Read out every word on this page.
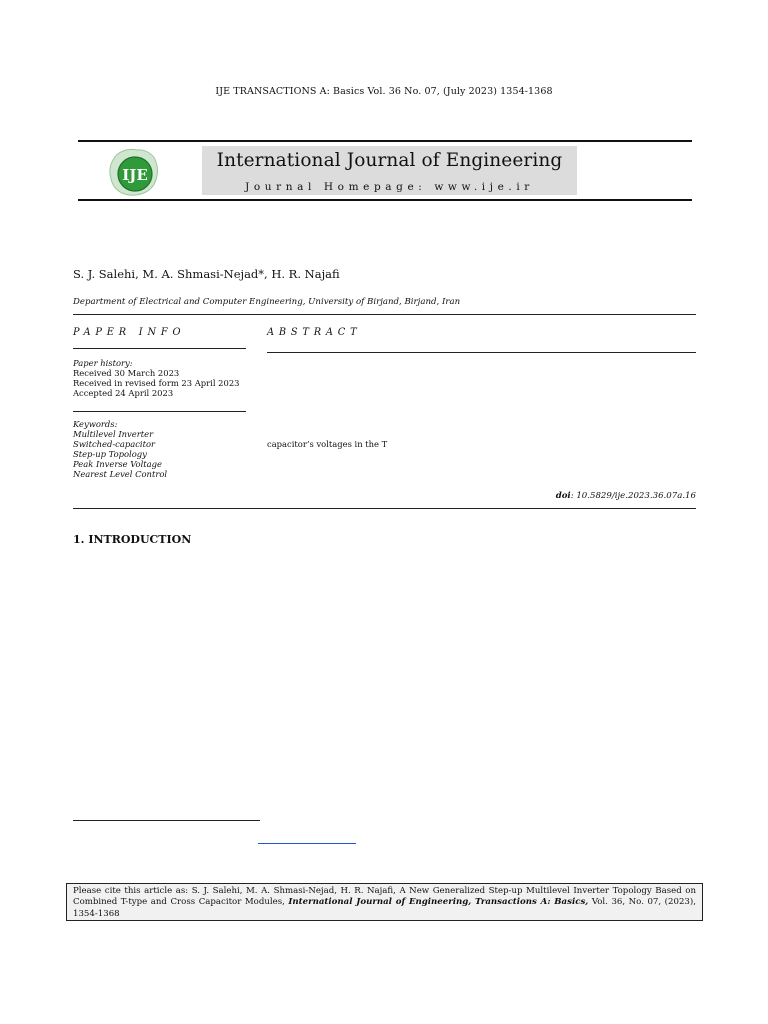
IJE TRANSACTIONS A: Basics Vol. 36 No. 07, (July 2023) 1354-1368
IJE
International Journal of Engineering
Journal Homepage: www.ije.ir
S. J. Salehi, M. A. Shmasi-Nejad*, H. R. Najafi
Department of Electrical and Computer Engineering, University of Birjand, Birjand, Iran
PAPER INFO	ABSTRACT
Paper history:
Received 30 March 2023
Received in revised form 23 April 2023
Accepted 24 April 2023
Keywords:
Multilevel Inverter
Switched-capacitor
Step-up Topology
Peak Inverse Voltage
Nearest Level Control
capacitor’s voltages in the T
doi: 10.5829/ije.2023.36.07a.16
1. INTRODUCTION
Please cite this article as: S. J. Salehi, M. A. Shmasi-Nejad, H. R. Najafi, A New Generalized Step-up Multilevel Inverter Topology Based on Combined T-type and Cross Capacitor Modules, International Journal of Engineering, Transactions A: Basics, Vol. 36, No. 07, (2023), 1354-1368
